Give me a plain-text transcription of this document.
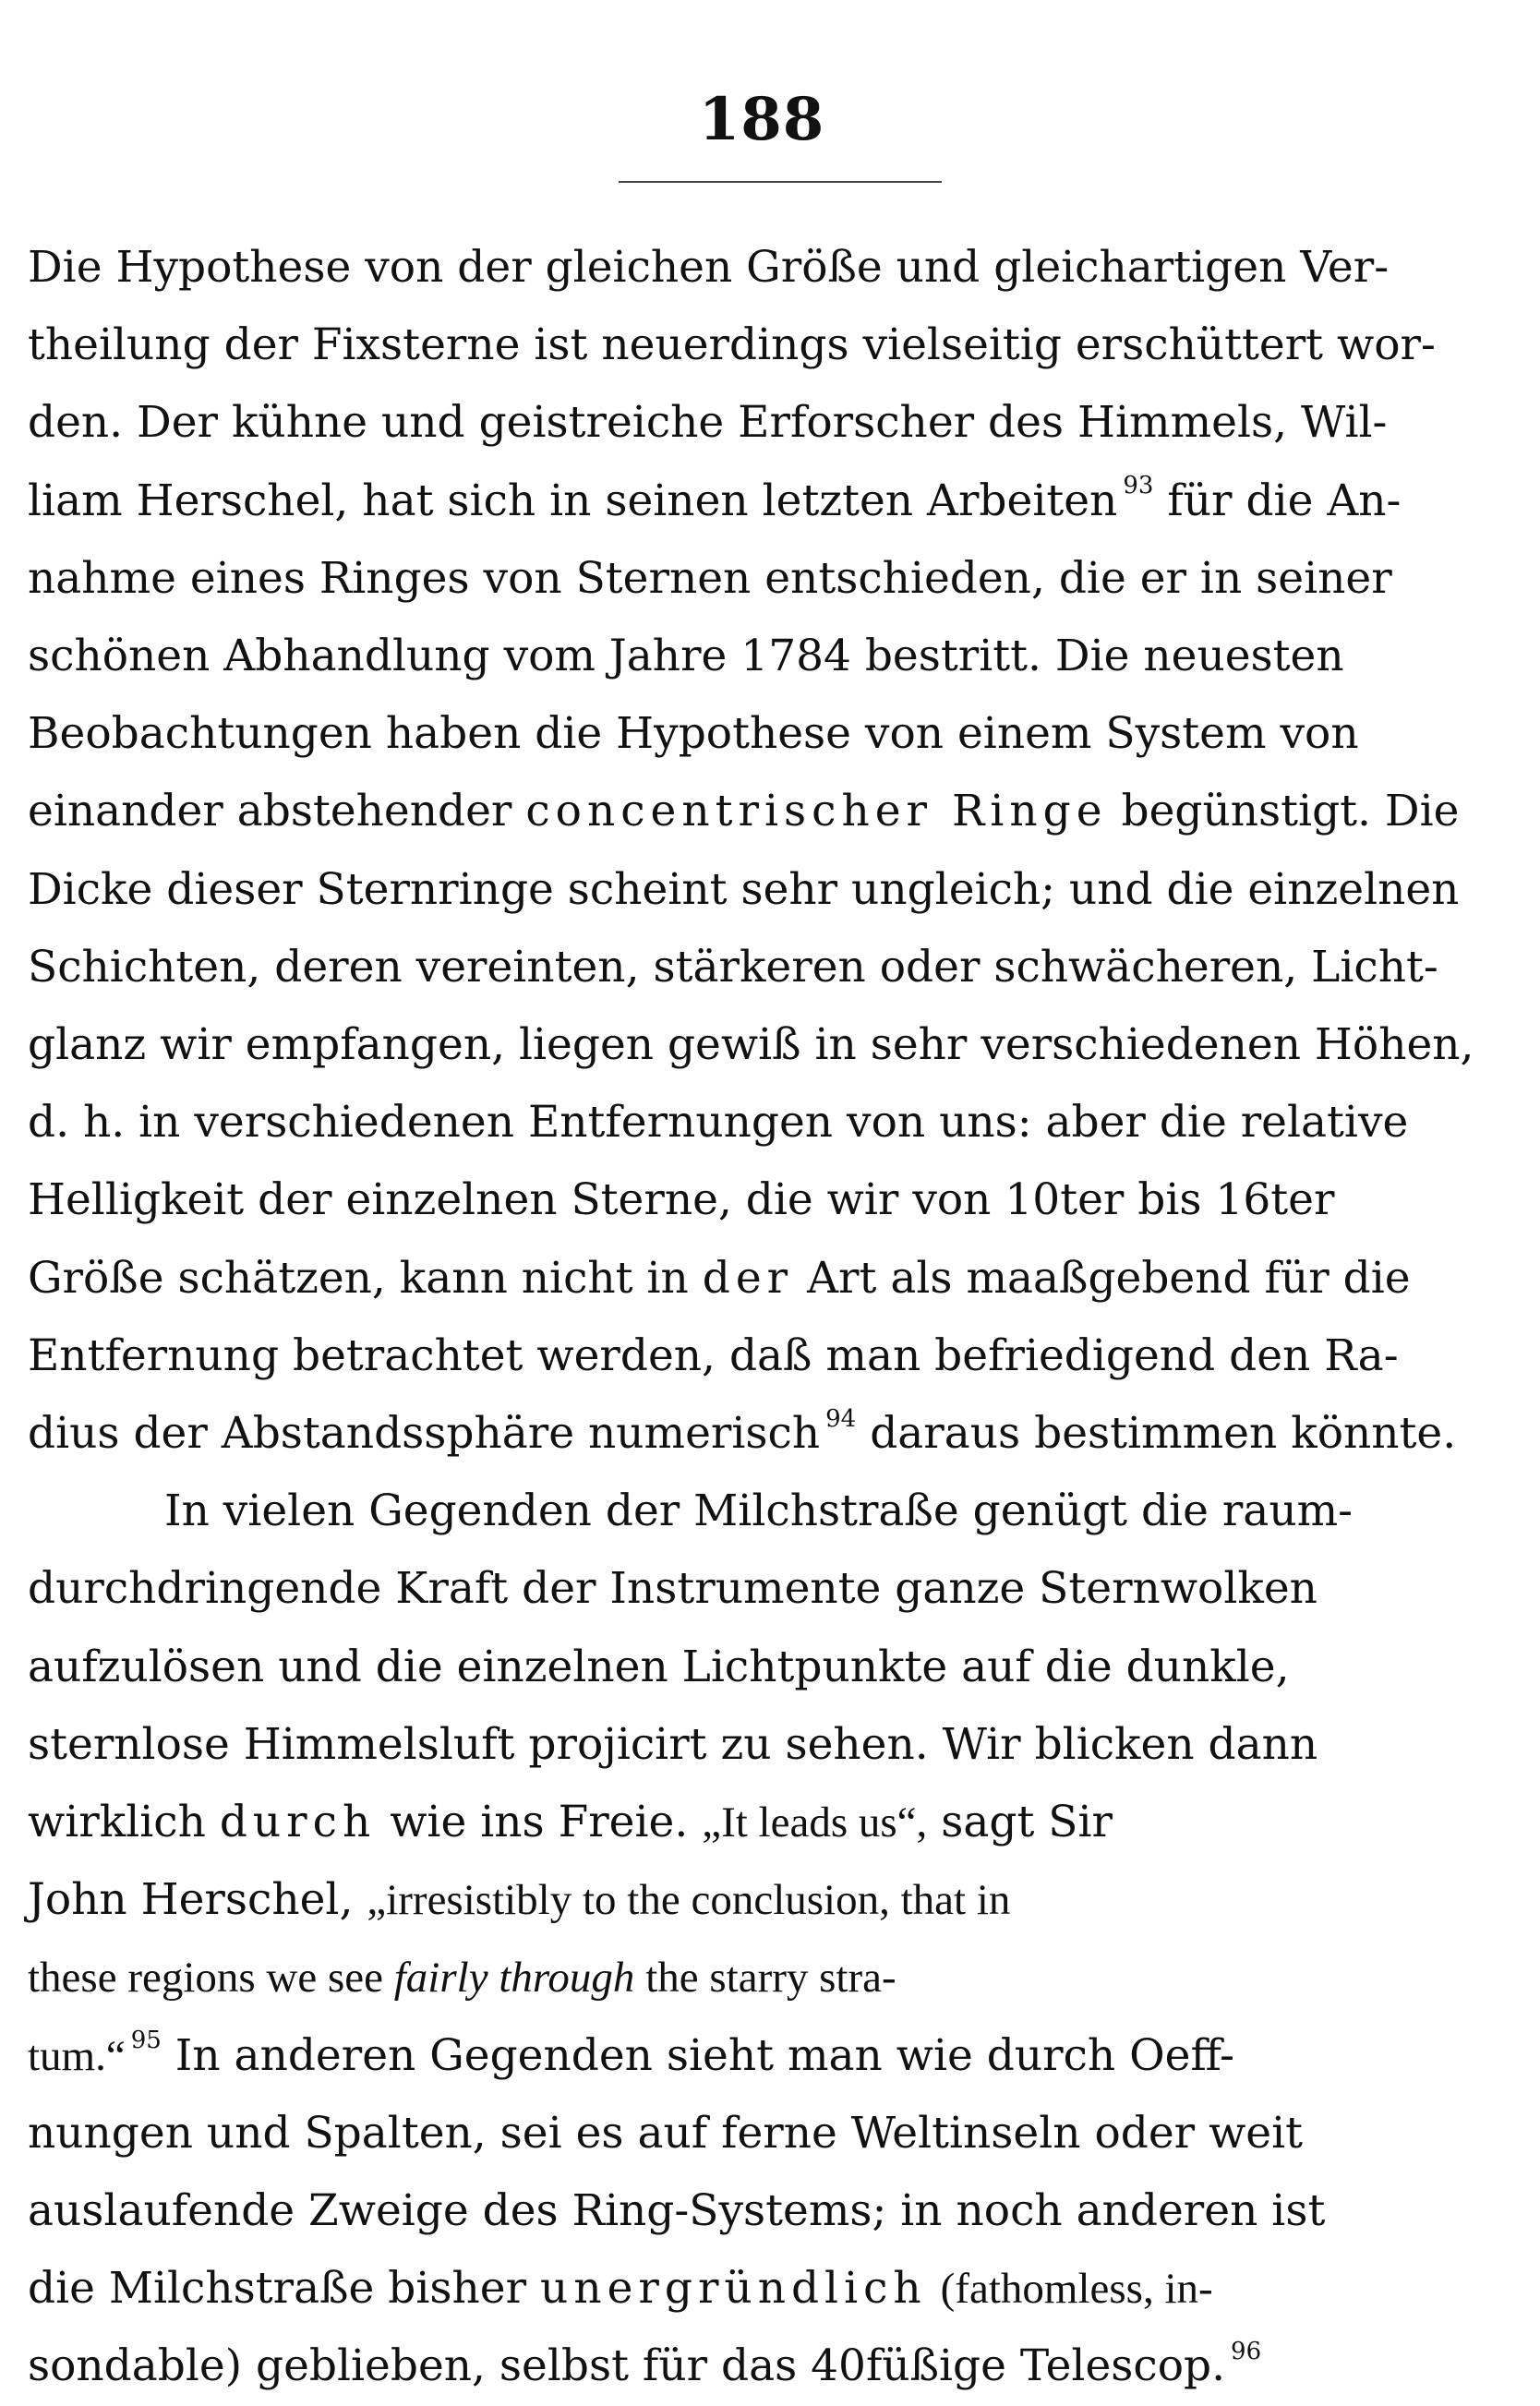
188

Die Hypothese von der gleichen Größe und gleichartigen Ver-
theilung der Fixsterne ist neuerdings vielseitig erschüttert wor-
den. Der kühne und geistreiche Erforscher des Himmels, Wil-
liam Herschel, hat sich in seinen letzten Arbeiten $^{93}$ für die An-
nahme eines Ringes von Sternen entschieden, die er in seiner
schönen Abhandlung vom Jahre 1784 bestritt. Die neuesten
Beobachtungen haben die Hypothese von einem System von
einander abstehender concentrischer Ringe begünstigt. Die
Dicke dieser Sternringe scheint sehr ungleich; und die einzelnen
Schichten, deren vereinten, stärkeren oder schwächeren, Licht-
glanz wir empfangen, liegen gewiß in sehr verschiedenen Höhen,
d. h. in verschiedenen Entfernungen von uns: aber die relative
Helligkeit der einzelnen Sterne, die wir von 10ter bis 16ter
Größe schätzen, kann nicht in der Art als maaßgebend für die
Entfernung betrachtet werden, daß man befriedigend den Ra-
dius der Abstandssphäre numerisch $^{94}$ daraus bestimmen könnte.

In vielen Gegenden der Milchstraße genügt die raum-
durchdringende Kraft der Instrumente ganze Sternwolken
aufzulösen und die einzelnen Lichtpunkte auf die dunkle,
sternlose Himmelsluft projicirt zu sehen. Wir blicken dann
wirklich durch wie ins Freie. „It leads us“, sagt Sir
John Herschel, „irresistibly to the conclusion, that in
these regions we see fairly through the starry stra-
tum.“ $^{95}$ In anderen Gegenden sieht man wie durch Oeff-
nungen und Spalten, sei es auf ferne Weltinseln oder weit
auslaufende Zweige des Ring-Systems; in noch anderen ist
die Milchstraße bisher unergründlich (fathomless, in-
sondable) geblieben, selbst für das 40füßige Telescop. $^{96}$
